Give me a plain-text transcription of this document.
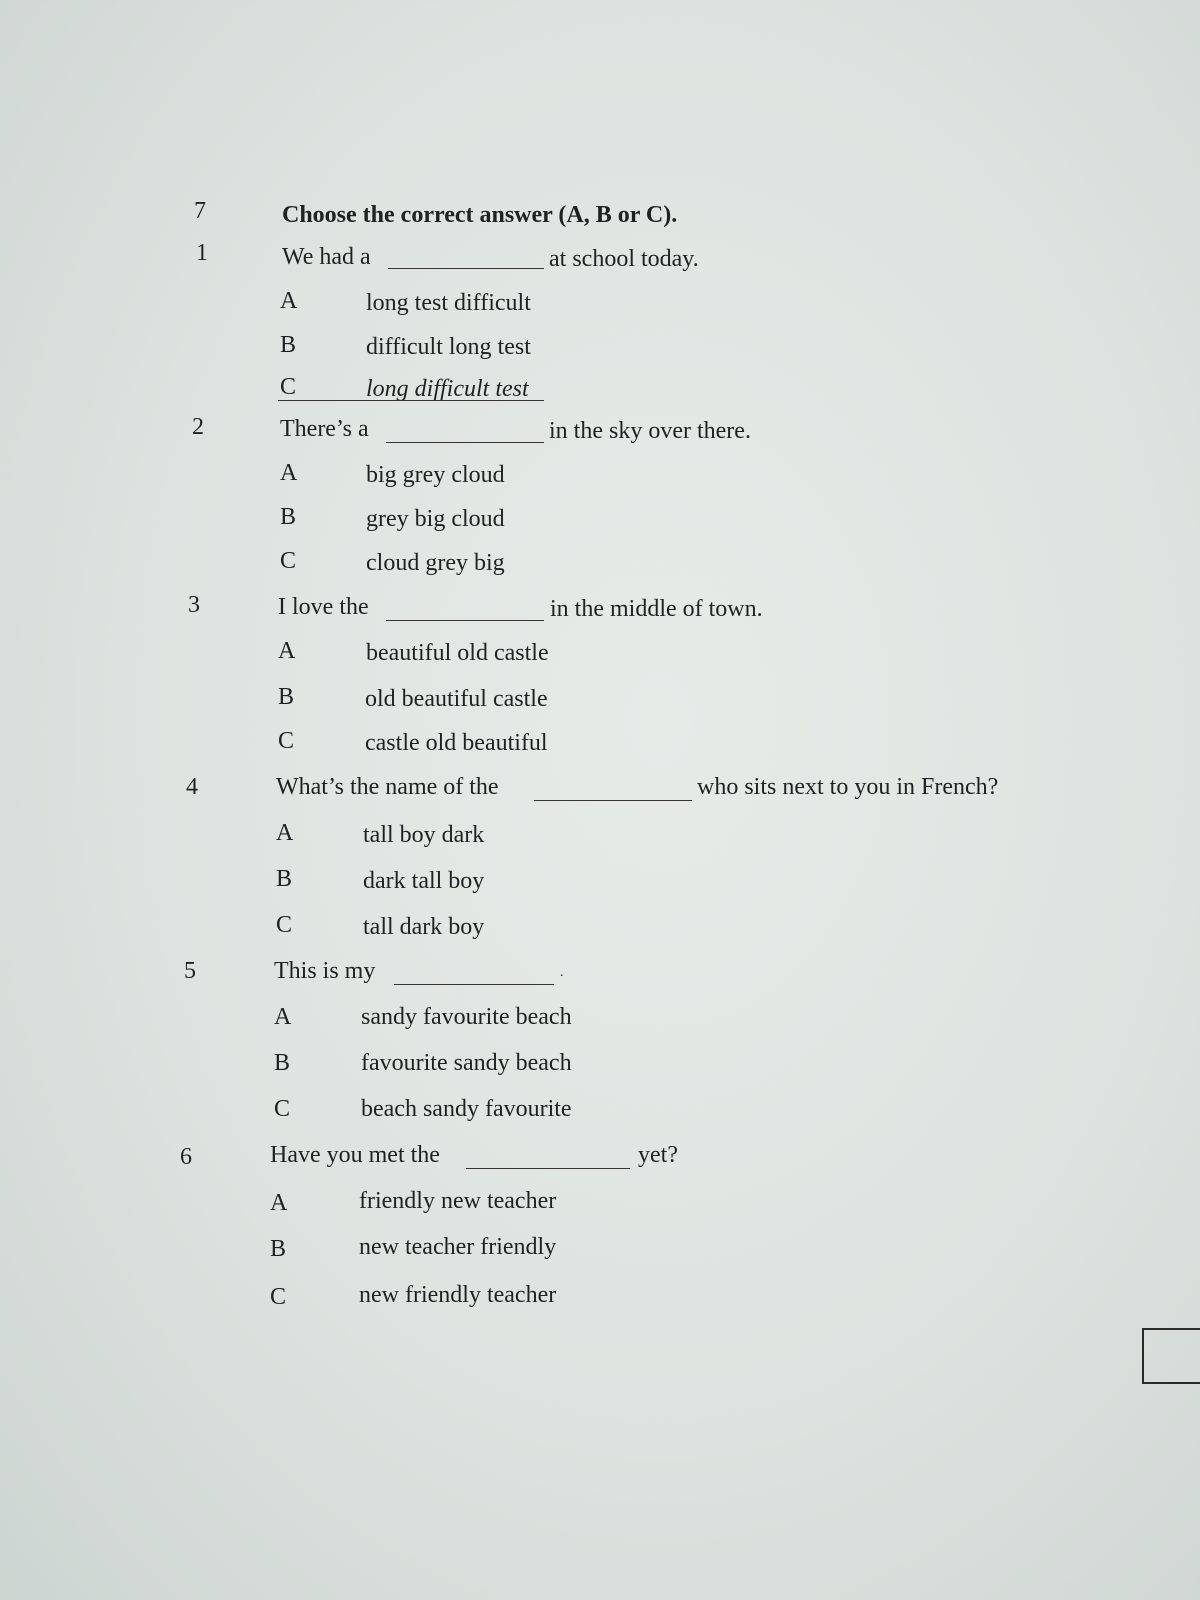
7	Choose the correct answer (A, B or C).
1	We had a	at school today.
A	long test difficult
B	difficult long test
C	long difficult test
2	There’s a	in the sky over there.
A	big grey cloud
B	grey big cloud
C	cloud grey big
3	I love the	in the middle of town.
A	beautiful old castle
B	old beautiful castle
C	castle old beautiful
4	What’s the name of the	who sits next to you in French?
A	tall boy dark
B	dark tall boy
C	tall dark boy
5	This is my	.
A	sandy favourite beach
B	favourite sandy beach
C	beach sandy favourite
6	Have you met the	yet?
A	friendly new teacher
B	new teacher friendly
C	new friendly teacher
